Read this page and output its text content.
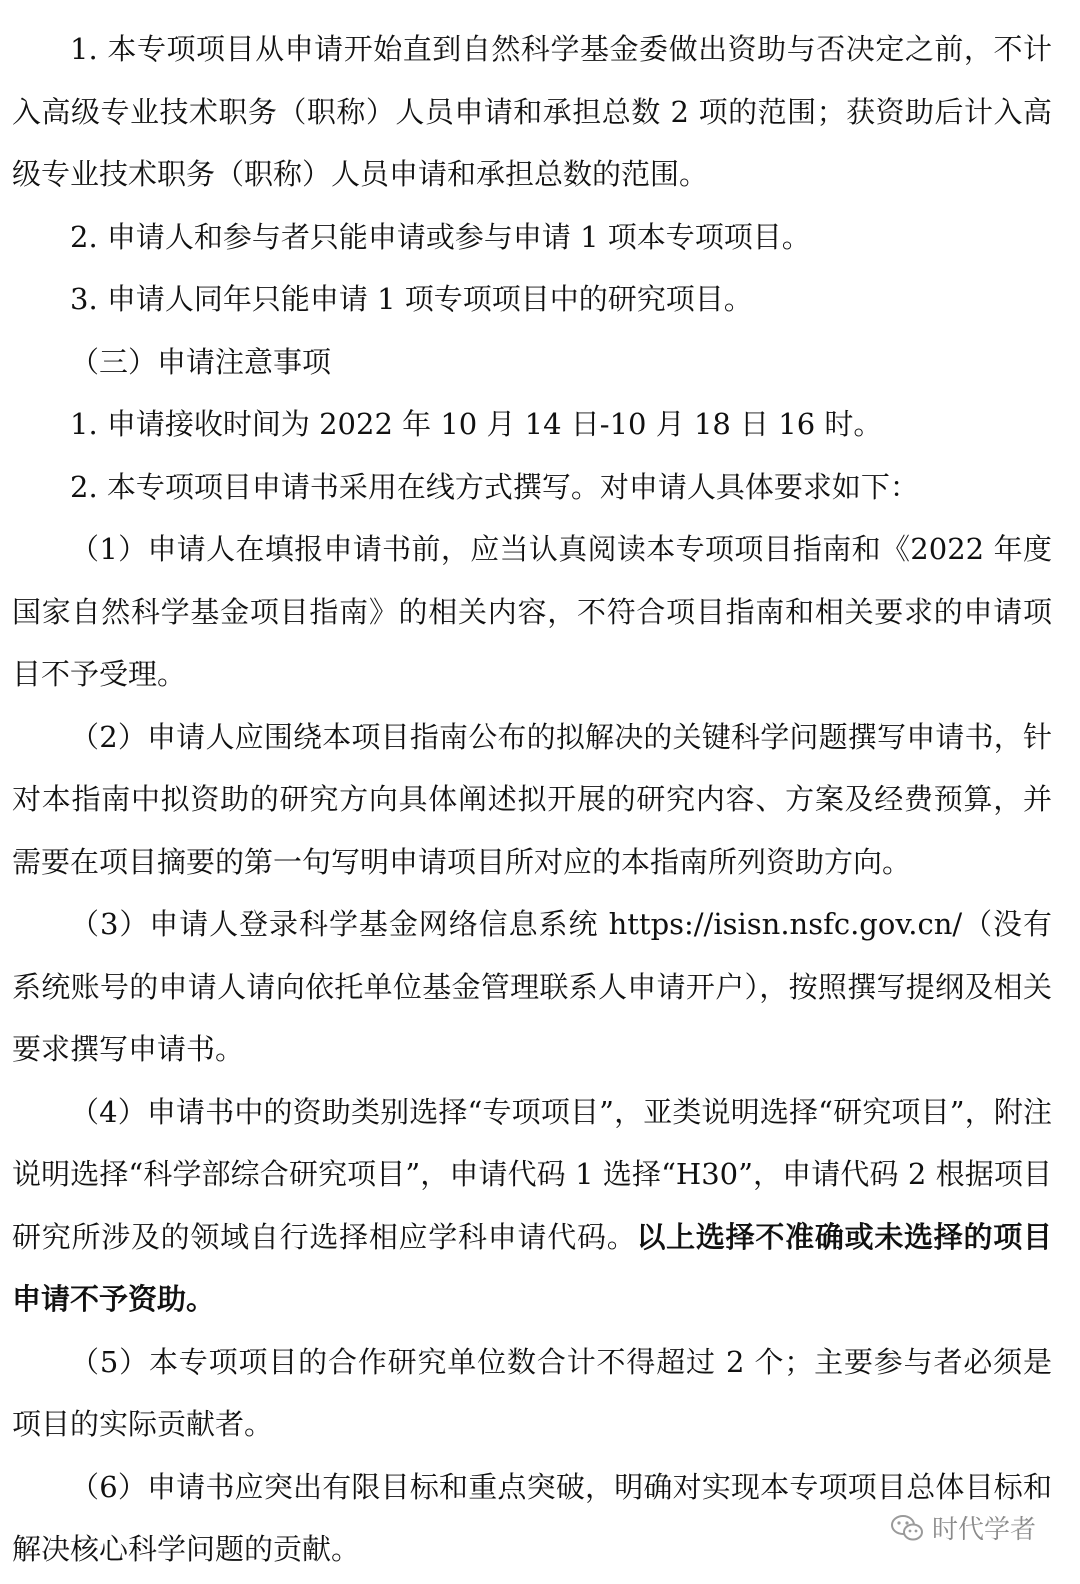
1. 本专项项目从申请开始直到自然科学基金委做出资助与否决定之前，不计入高级专业技术职务（职称）人员申请和承担总数 2 项的范围；获资助后计入高级专业技术职务（职称）人员申请和承担总数的范围。

2. 申请人和参与者只能申请或参与申请 1 项本专项项目。

3. 申请人同年只能申请 1 项专项项目中的研究项目。

（三）申请注意事项

1. 申请接收时间为 2022 年 10 月 14 日-10 月 18 日 16 时。

2. 本专项项目申请书采用在线方式撰写。对申请人具体要求如下：

（1）申请人在填报申请书前，应当认真阅读本专项项目指南和《2022 年度国家自然科学基金项目指南》的相关内容，不符合项目指南和相关要求的申请项目不予受理。

（2）申请人应围绕本项目指南公布的拟解决的关键科学问题撰写申请书，针对本指南中拟资助的研究方向具体阐述拟开展的研究内容、方案及经费预算，并需要在项目摘要的第一句写明申请项目所对应的本指南所列资助方向。

（3）申请人登录科学基金网络信息系统 https://isisn.nsfc.gov.cn/（没有系统账号的申请人请向依托单位基金管理联系人申请开户），按照撰写提纲及相关要求撰写申请书。

（4）申请书中的资助类别选择“专项项目”，亚类说明选择“研究项目”，附注说明选择“科学部综合研究项目”，申请代码 1 选择“H30”，申请代码 2 根据项目研究所涉及的领域自行选择相应学科申请代码。以上选择不准确或未选择的项目申请不予资助。

（5）本专项项目的合作研究单位数合计不得超过 2 个；主要参与者必须是项目的实际贡献者。

（6）申请书应突出有限目标和重点突破，明确对实现本专项项目总体目标和解决核心科学问题的贡献。

时代学者
